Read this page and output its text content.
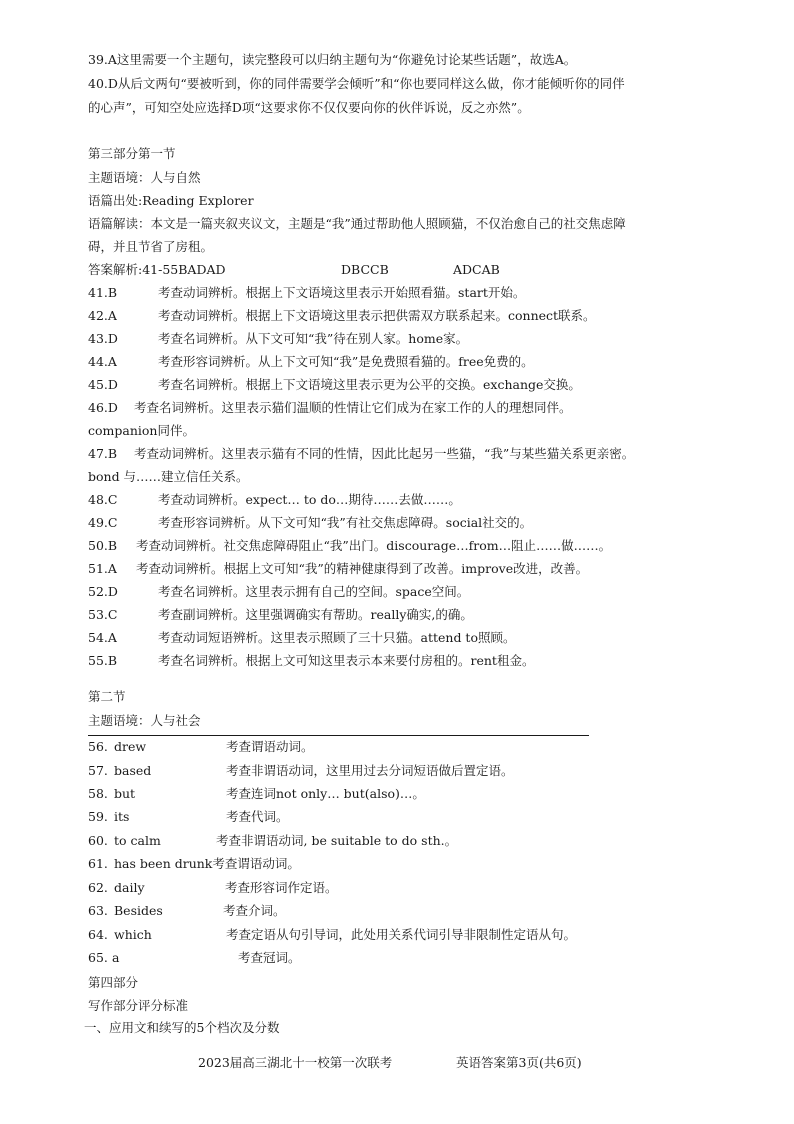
39.A这里需要一个主题句，读完整段可以归纳主题句为“你避免讨论某些话题”，故选A。
40.D从后文两句“要被听到，你的同伴需要学会倾听”和“你也要同样这么做，你才能倾听你的同伴
的心声”，可知空处应选择D项“这要求你不仅仅要向你的伙伴诉说，反之亦然”。
第三部分第一节
主题语境：人与自然
语篇出处:Reading Explorer
语篇解读：本文是一篇夹叙夹议文，主题是“我”通过帮助他人照顾猫，不仅治愈自己的社交焦虑障
碍，并且节省了房租。
答案解析:41-55BADAD	DBCCB	ADCAB
41.B	考查动词辨析。根据上下文语境这里表示开始照看猫。start开始。
42.A	考查动词辨析。根据上下文语境这里表示把供需双方联系起来。connect联系。
43.D	考查名词辨析。从下文可知“我”待在别人家。home家。
44.A	考查形容词辨析。从上下文可知“我”是免费照看猫的。free免费的。
45.D	考查名词辨析。根据上下文语境这里表示更为公平的交换。exchange交换。
46.D 考查名词辨析。这里表示猫们温顺的性情让它们成为在家工作的人的理想同伴。
companion同伴。
47.B 考查动词辨析。这里表示猫有不同的性情，因此比起另一些猫，“我”与某些猫关系更亲密。
bond 与……建立信任关系。
48.C	考查动词辨析。expect… to do…期待……去做……。
49.C	考查形容词辨析。从下文可知“我”有社交焦虑障碍。social社交的。
50.B 考查动词辨析。社交焦虑障碍阻止“我”出门。discourage…from…阻止……做……。
51.A 考查动词辨析。根据上文可知“我”的精神健康得到了改善。improve改进，改善。
52.D	考查名词辨析。这里表示拥有自己的空间。space空间。
53.C	考查副词辨析。这里强调确实有帮助。really确实,的确。
54.A	考查动词短语辨析。这里表示照顾了三十只猫。attend to照顾。
55.B	考查名词辨析。根据上文可知这里表示本来要付房租的。rent租金。
第二节
主题语境：人与社会
56. drew	考查谓语动词。
57. based	考查非谓语动词，这里用过去分词短语做后置定语。
58. but	考查连词not only… but(also)…。
59. its	考查代词。
60. to calm	考查非谓语动词, be suitable to do sth.。
61. has been drunk考查谓语动词。
62. daily	考查形容词作定语。
63. Besides	考查介词。
64. which	考查定语从句引导词，此处用关系代词引导非限制性定语从句。
65. a	考查冠词。
第四部分
写作部分评分标准
一、应用文和续写的5个档次及分数
2023届高三湖北十一校第一次联考	英语答案第3页(共6页)
